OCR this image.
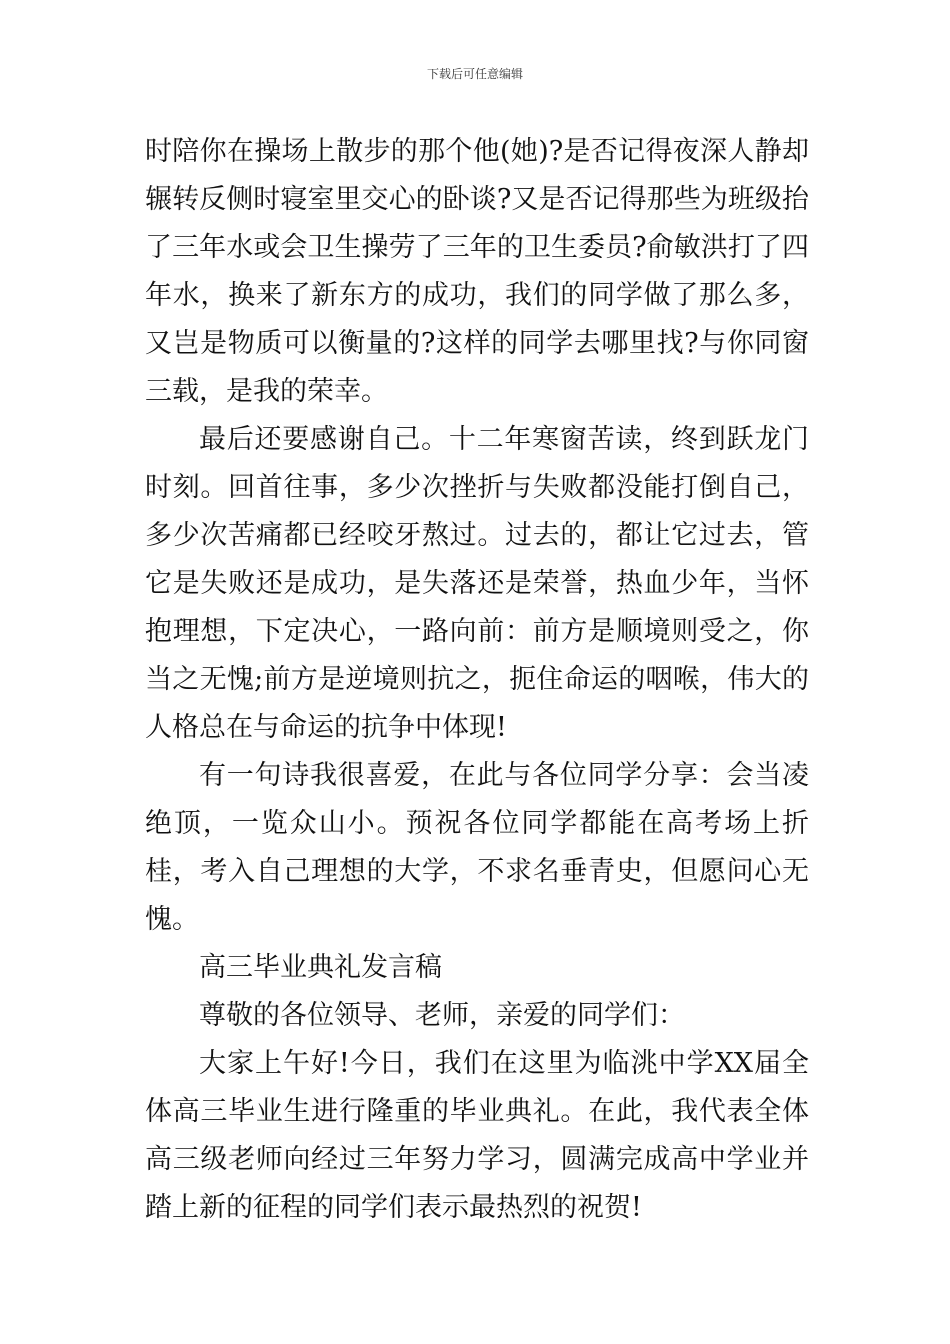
下载后可任意编辑

时陪你在操场上散步的那个他(她)?是否记得夜深人静却辗转反侧时寝室里交心的卧谈?又是否记得那些为班级抬了三年水或会卫生操劳了三年的卫生委员?俞敏洪打了四年水，换来了新东方的成功，我们的同学做了那么多，又岂是物质可以衡量的?这样的同学去哪里找?与你同窗三载，是我的荣幸。

最后还要感谢自己。十二年寒窗苦读，终到跃龙门时刻。回首往事，多少次挫折与失败都没能打倒自己，多少次苦痛都已经咬牙熬过。过去的，都让它过去，管它是失败还是成功，是失落还是荣誉，热血少年，当怀抱理想，下定决心，一路向前：前方是顺境则受之，你当之无愧;前方是逆境则抗之，扼住命运的咽喉，伟大的人格总在与命运的抗争中体现!

有一句诗我很喜爱，在此与各位同学分享：会当凌绝顶，一览众山小。预祝各位同学都能在高考场上折桂，考入自己理想的大学，不求名垂青史，但愿问心无愧。

高三毕业典礼发言稿

尊敬的各位领导、老师，亲爱的同学们：

大家上午好!今日，我们在这里为临洮中学XX届全体高三毕业生进行隆重的毕业典礼。在此，我代表全体高三级老师向经过三年努力学习，圆满完成高中学业并踏上新的征程的同学们表示最热烈的祝贺!
